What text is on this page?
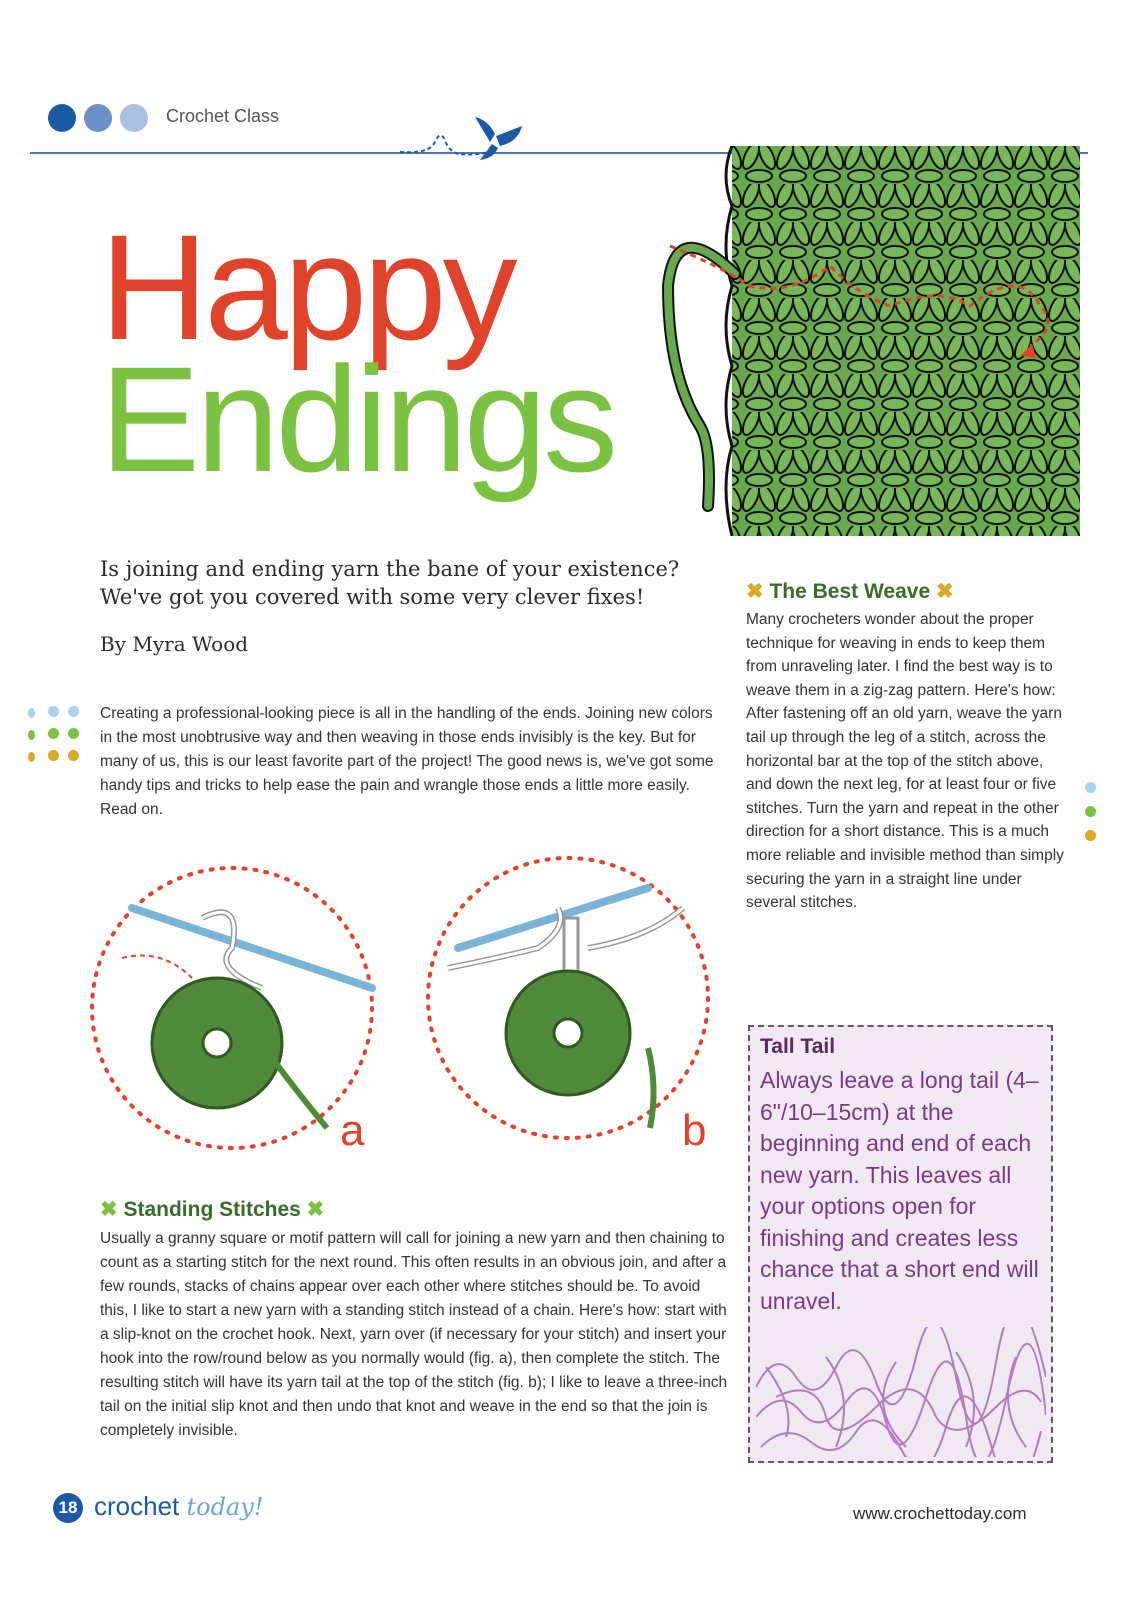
Crochet Class
Happy
Endings
Is joining and ending yarn the bane of your existence? We've got you covered with some very clever fixes!
By Myra Wood
Creating a professional-looking piece is all in the handling of the ends. Joining new colors in the most unobtrusive way and then weaving in those ends invisibly is the key. But for many of us, this is our least favorite part of the project! The good news is, we've got some handy tips and tricks to help ease the pain and wrangle those ends a little more easily. Read on.
✖ The Best Weave ✖
Many crocheters wonder about the proper technique for weaving in ends to keep them from unraveling later. I find the best way is to weave them in a zig-zag pattern. Here's how: After fastening off an old yarn, weave the yarn tail up through the leg of a stitch, across the horizontal bar at the top of the stitch above, and down the next leg, for at least four or five stitches. Turn the yarn and repeat in the other direction for a short distance. This is a much more reliable and invisible method than simply securing the yarn in a straight line under several stitches.
a	b
✖ Standing Stitches ✖
Usually a granny square or motif pattern will call for joining a new yarn and then chaining to count as a starting stitch for the next round. This often results in an obvious join, and after a few rounds, stacks of chains appear over each other where stitches should be. To avoid this, I like to start a new yarn with a standing stitch instead of a chain. Here's how: start with a slip-knot on the crochet hook. Next, yarn over (if necessary for your stitch) and insert your hook into the row/round below as you normally would (fig. a), then complete the stitch. The resulting stitch will have its yarn tail at the top of the stitch (fig. b); I like to leave a three-inch tail on the initial slip knot and then undo that knot and weave in the end so that the join is completely invisible.
Tall Tail
Always leave a long tail (4–6"/10–15cm) at the beginning and end of each new yarn. This leaves all your options open for finishing and creates less chance that a short end will unravel.
18 crochet today!	www.crochettoday.com
